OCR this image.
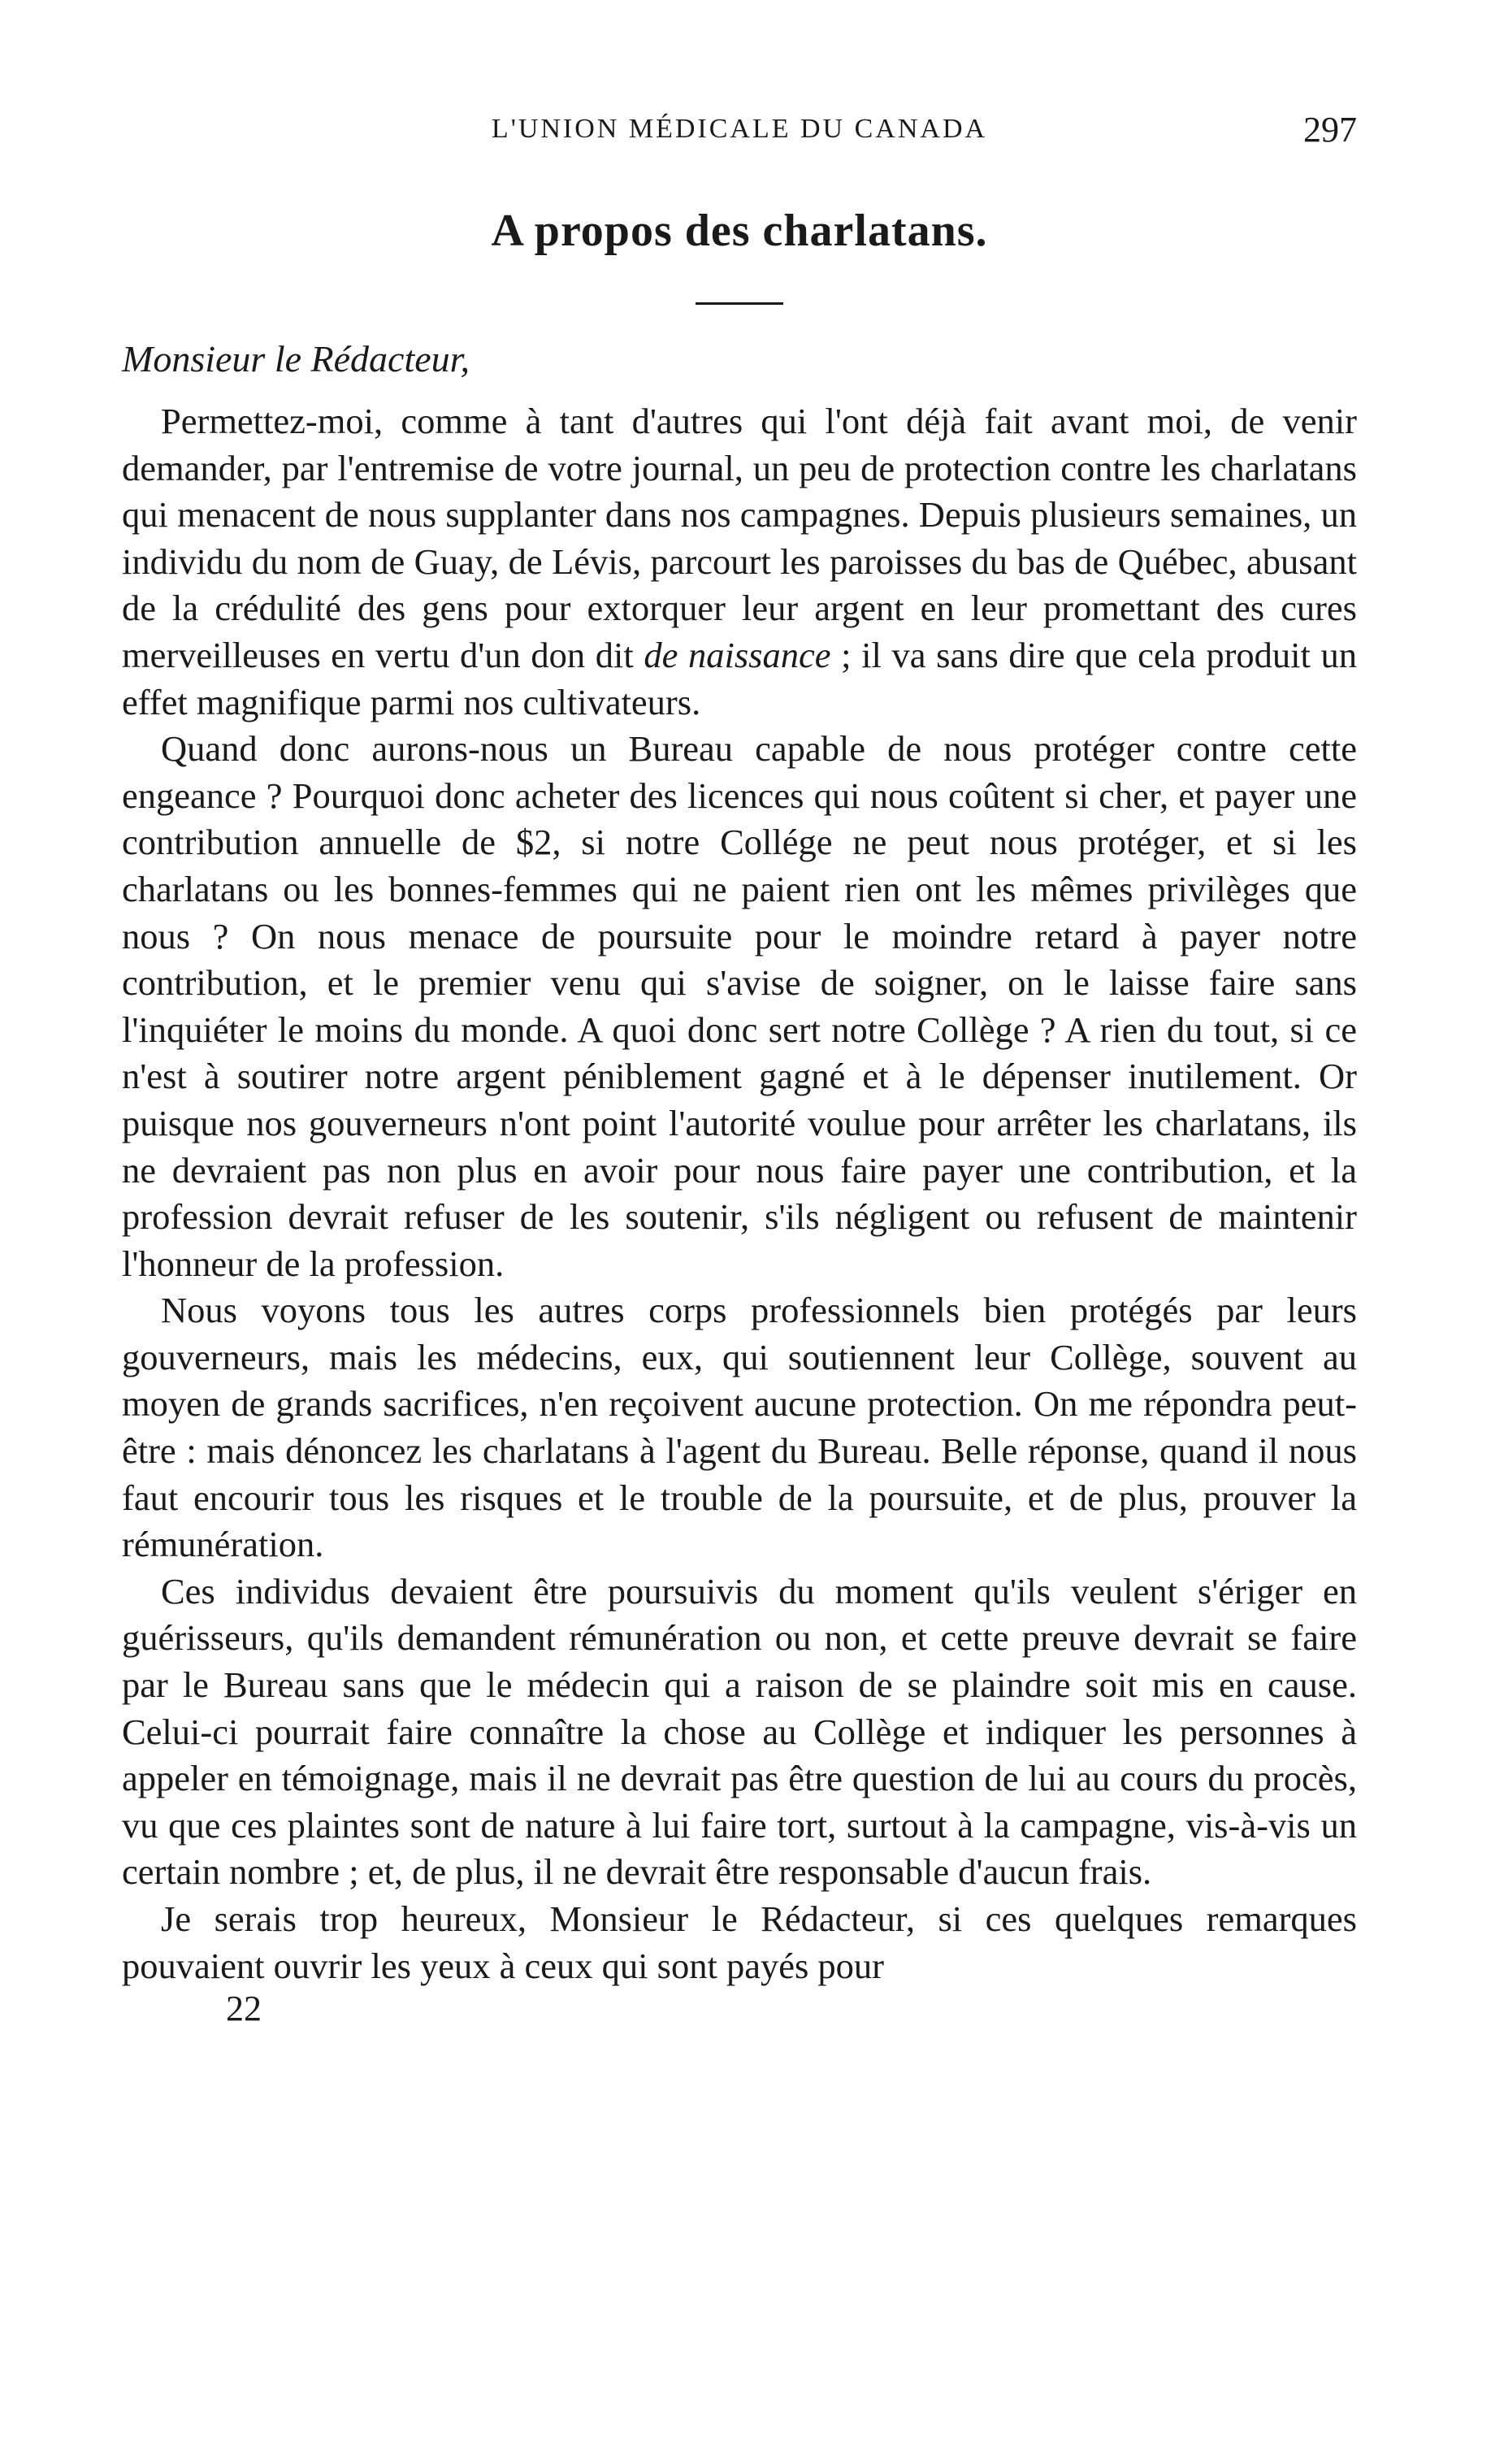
L'UNION MÉDICALE DU CANADA	297
A propos des charlatans.
Monsieur le Rédacteur,

Permettez-moi, comme à tant d'autres qui l'ont déjà fait avant moi, de venir demander, par l'entremise de votre journal, un peu de protection contre les charlatans qui menacent de nous supplanter dans nos campagnes. Depuis plusieurs semaines, un individu du nom de Guay, de Lévis, parcourt les paroisses du bas de Québec, abusant de la crédulité des gens pour extorquer leur argent en leur promettant des cures merveilleuses en vertu d'un don dit de naissance ; il va sans dire que cela produit un effet magnifique parmi nos cultivateurs.

Quand donc aurons-nous un Bureau capable de nous protéger contre cette engeance ? Pourquoi donc acheter des licences qui nous coûtent si cher, et payer une contribution annuelle de $2, si notre Collége ne peut nous protéger, et si les charlatans ou les bonnes-femmes qui ne paient rien ont les mêmes privilèges que nous ? On nous menace de poursuite pour le moindre retard à payer notre contribution, et le premier venu qui s'avise de soigner, on le laisse faire sans l'inquiéter le moins du monde. A quoi donc sert notre Collège ? A rien du tout, si ce n'est à soutirer notre argent péniblement gagné et à le dépenser inutilement. Or puisque nos gouverneurs n'ont point l'autorité voulue pour arrêter les charlatans, ils ne devraient pas non plus en avoir pour nous faire payer une contribution, et la profession devrait refuser de les soutenir, s'ils négligent ou refusent de maintenir l'honneur de la profession.

Nous voyons tous les autres corps professionnels bien protégés par leurs gouverneurs, mais les médecins, eux, qui soutiennent leur Collège, souvent au moyen de grands sacrifices, n'en reçoivent aucune protection. On me répondra peut-être : mais dénoncez les charlatans à l'agent du Bureau. Belle réponse, quand il nous faut encourir tous les risques et le trouble de la poursuite, et de plus, prouver la rémunération.

Ces individus devaient être poursuivis du moment qu'ils veulent s'ériger en guérisseurs, qu'ils demandent rémunération ou non, et cette preuve devrait se faire par le Bureau sans que le médecin qui a raison de se plaindre soit mis en cause. Celui-ci pourrait faire connaître la chose au Collège et indiquer les personnes à appeler en témoignage, mais il ne devrait pas être question de lui au cours du procès, vu que ces plaintes sont de nature à lui faire tort, surtout à la campagne, vis-à-vis un certain nombre ; et, de plus, il ne devrait être responsable d'aucun frais.

Je serais trop heureux, Monsieur le Rédacteur, si ces quelques remarques pouvaient ouvrir les yeux à ceux qui sont payés pour

22
